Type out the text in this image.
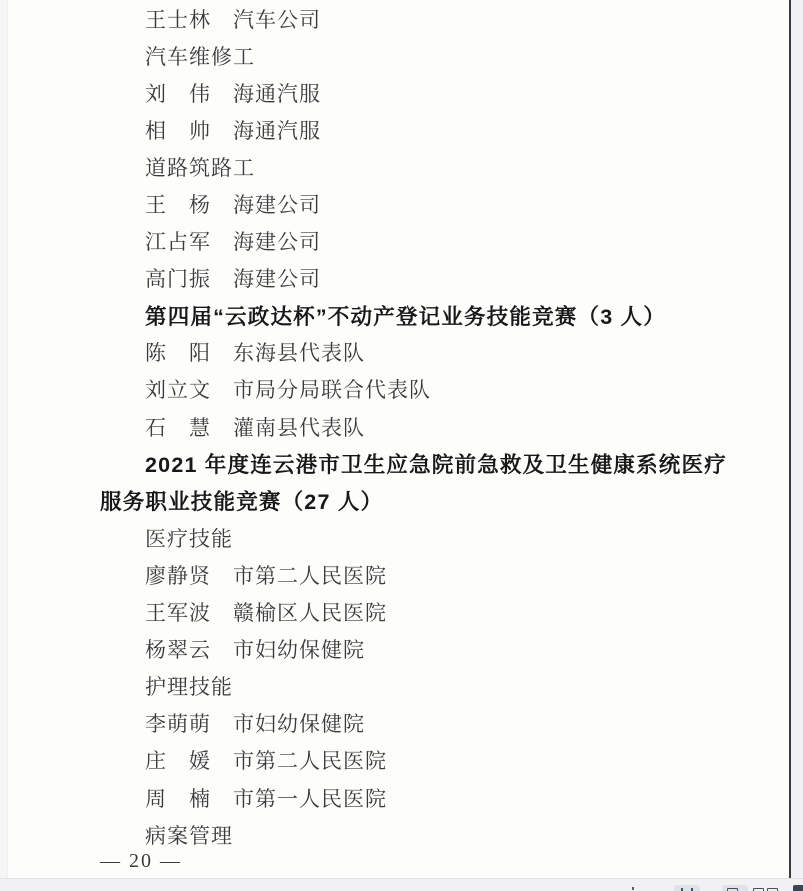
王士林 汽车公司
汽车维修工
刘　伟 海通汽服
相　帅 海通汽服
道路筑路工
王　杨 海建公司
江占军 海建公司
高门振 海建公司
第四届“云政达杯”不动产登记业务技能竞赛（3 人）
陈　阳 东海县代表队
刘立文 市局分局联合代表队
石　慧 灌南县代表队
2021 年度连云港市卫生应急院前急救及卫生健康系统医疗
服务职业技能竞赛（27 人）
医疗技能
廖静贤 市第二人民医院
王军波 赣榆区人民医院
杨翠云 市妇幼保健院
护理技能
李萌萌 市妇幼保健院
庄　媛 市第二人民医院
周　楠 市第一人民医院
病案管理
— 20 —
